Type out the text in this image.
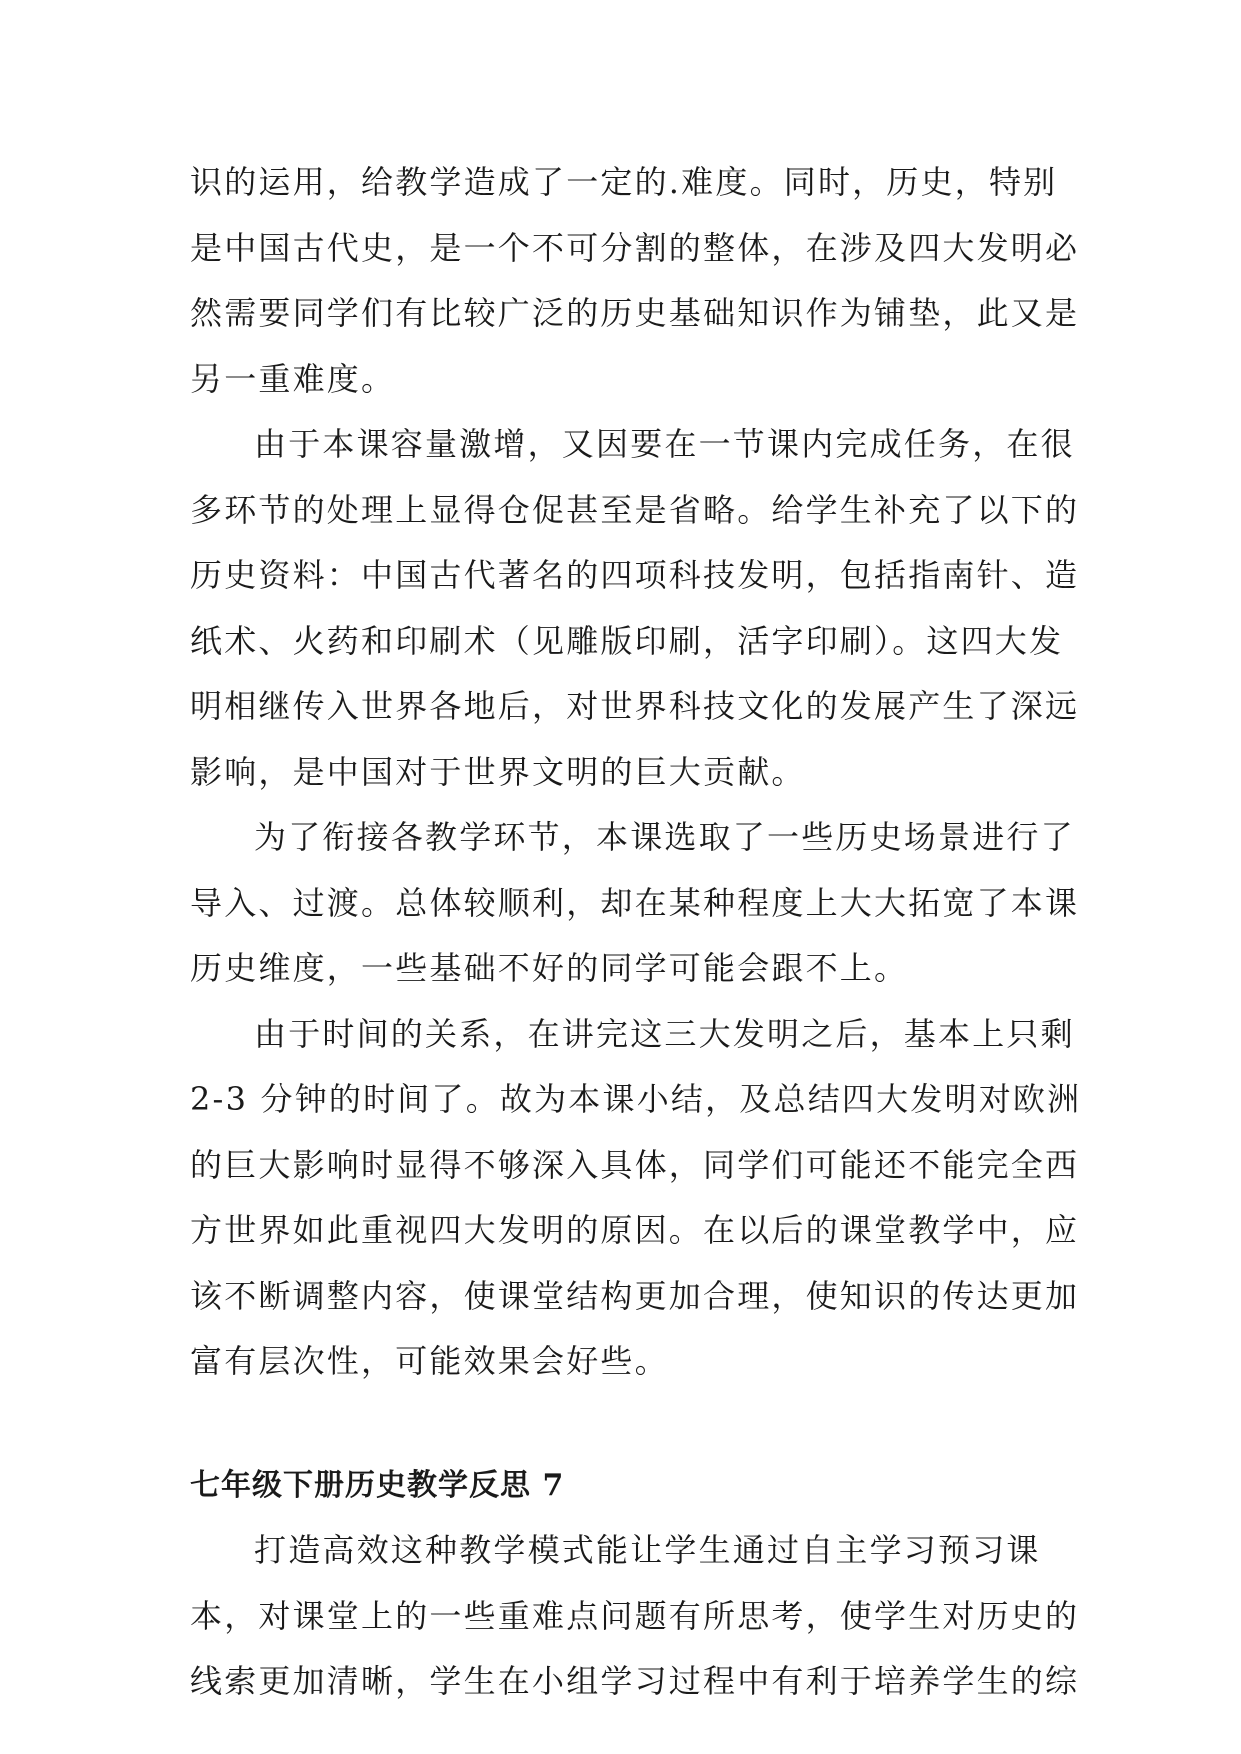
识的运用，给教学造成了一定的.难度。同时，历史，特别
是中国古代史，是一个不可分割的整体，在涉及四大发明必
然需要同学们有比较广泛的历史基础知识作为铺垫，此又是
另一重难度。
由于本课容量激增，又因要在一节课内完成任务，在很
多环节的处理上显得仓促甚至是省略。给学生补充了以下的
历史资料：中国古代著名的四项科技发明，包括指南针、造
纸术、火药和印刷术（见雕版印刷，活字印刷）。这四大发
明相继传入世界各地后，对世界科技文化的发展产生了深远
影响，是中国对于世界文明的巨大贡献。
为了衔接各教学环节，本课选取了一些历史场景进行了
导入、过渡。总体较顺利，却在某种程度上大大拓宽了本课
历史维度，一些基础不好的同学可能会跟不上。
由于时间的关系，在讲完这三大发明之后，基本上只剩
2-3 分钟的时间了。故为本课小结，及总结四大发明对欧洲
的巨大影响时显得不够深入具体，同学们可能还不能完全西
方世界如此重视四大发明的原因。在以后的课堂教学中，应
该不断调整内容，使课堂结构更加合理，使知识的传达更加
富有层次性，可能效果会好些。
七年级下册历史教学反思 7
打造高效这种教学模式能让学生通过自主学习预习课
本，对课堂上的一些重难点问题有所思考，使学生对历史的
线索更加清晰，学生在小组学习过程中有利于培养学生的综
